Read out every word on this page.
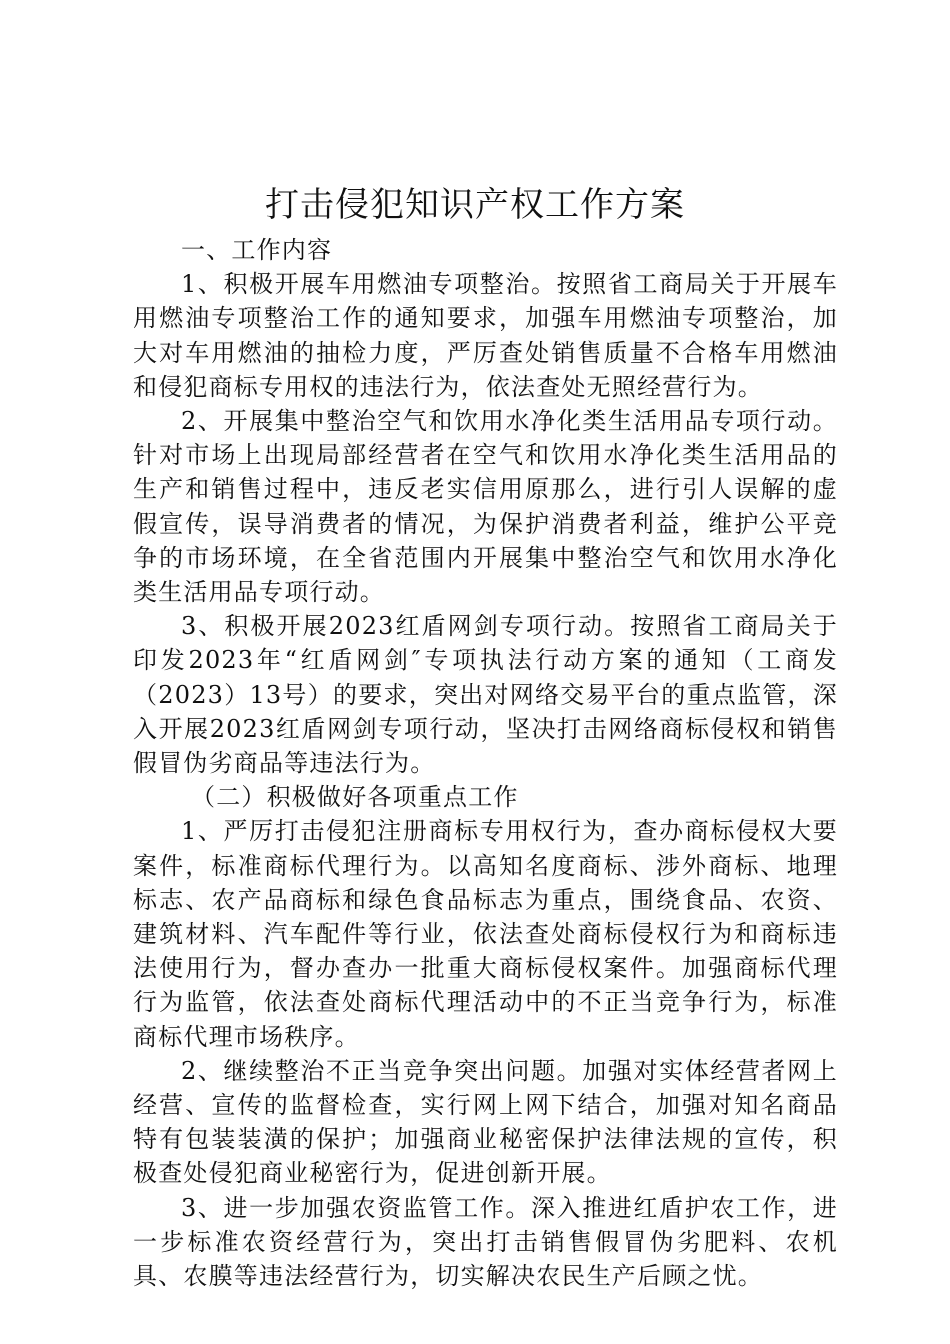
打击侵犯知识产权工作方案

一、工作内容

1、积极开展车用燃油专项整治。按照省工商局关于开展车用燃油专项整治工作的通知要求，加强车用燃油专项整治，加大对车用燃油的抽检力度，严厉查处销售质量不合格车用燃油和侵犯商标专用权的违法行为，依法查处无照经营行为。

2、开展集中整治空气和饮用水净化类生活用品专项行动。针对市场上出现局部经营者在空气和饮用水净化类生活用品的生产和销售过程中，违反老实信用原那么，进行引人误解的虚假宣传，误导消费者的情况，为保护消费者利益，维护公平竞争的市场环境，在全省范围内开展集中整治空气和饮用水净化类生活用品专项行动。

3、积极开展2023红盾网剑专项行动。按照省工商局关于印发2023年“红盾网剑″专项执法行动方案的通知（工商发（2023）13号）的要求，突出对网络交易平台的重点监管，深入开展2023红盾网剑专项行动，坚决打击网络商标侵权和销售假冒伪劣商品等违法行为。

（二）积极做好各项重点工作

1、严厉打击侵犯注册商标专用权行为，查办商标侵权大要案件，标准商标代理行为。以高知名度商标、涉外商标、地理标志、农产品商标和绿色食品标志为重点，围绕食品、农资、建筑材料、汽车配件等行业，依法查处商标侵权行为和商标违法使用行为，督办查办一批重大商标侵权案件。加强商标代理行为监管，依法查处商标代理活动中的不正当竞争行为，标准商标代理市场秩序。

2、继续整治不正当竞争突出问题。加强对实体经营者网上经营、宣传的监督检查，实行网上网下结合，加强对知名商品特有包装装潢的保护；加强商业秘密保护法律法规的宣传，积极查处侵犯商业秘密行为，促进创新开展。

3、进一步加强农资监管工作。深入推进红盾护农工作，进一步标准农资经营行为，突出打击销售假冒伪劣肥料、农机具、农膜等违法经营行为，切实解决农民生产后顾之忧。
